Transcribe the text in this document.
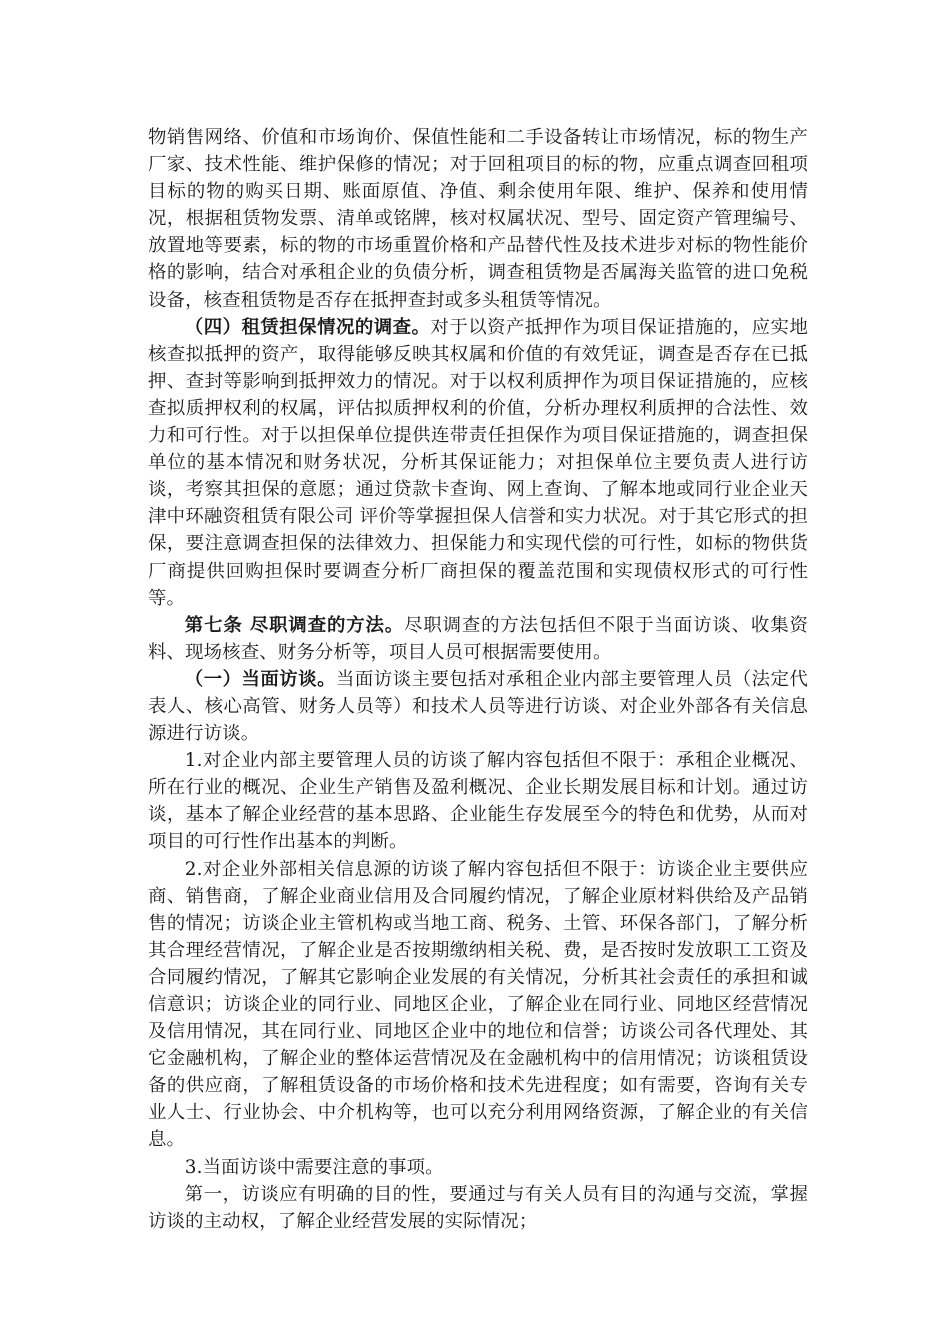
物销售网络、价值和市场询价、保值性能和二手设备转让市场情况，标的物生产厂家、技术性能、维护保修的情况；对于回租项目的标的物，应重点调查回租项目标的物的购买日期、账面原值、净值、剩余使用年限、维护、保养和使用情况，根据租赁物发票、清单或铭牌，核对权属状况、型号、固定资产管理编号、放置地等要素，标的物的市场重置价格和产品替代性及技术进步对标的物性能价格的影响，结合对承租企业的负债分析，调查租赁物是否属海关监管的进口免税设备，核查租赁物是否存在抵押查封或多头租赁等情况。

（四）租赁担保情况的调查。对于以资产抵押作为项目保证措施的，应实地核查拟抵押的资产，取得能够反映其权属和价值的有效凭证，调查是否存在已抵押、查封等影响到抵押效力的情况。对于以权利质押作为项目保证措施的，应核查拟质押权利的权属，评估拟质押权利的价值，分析办理权利质押的合法性、效力和可行性。对于以担保单位提供连带责任担保作为项目保证措施的，调查担保单位的基本情况和财务状况，分析其保证能力；对担保单位主要负责人进行访谈，考察其担保的意愿；通过贷款卡查询、网上查询、了解本地或同行业企业天津中环融资租赁有限公司 评价等掌握担保人信誉和实力状况。对于其它形式的担保，要注意调查担保的法律效力、担保能力和实现代偿的可行性，如标的物供货厂商提供回购担保时要调查分析厂商担保的覆盖范围和实现债权形式的可行性等。

第七条 尽职调查的方法。尽职调查的方法包括但不限于当面访谈、收集资料、现场核查、财务分析等，项目人员可根据需要使用。

（一）当面访谈。当面访谈主要包括对承租企业内部主要管理人员（法定代表人、核心高管、财务人员等）和技术人员等进行访谈、对企业外部各有关信息源进行访谈。

1.对企业内部主要管理人员的访谈了解内容包括但不限于：承租企业概况、所在行业的概况、企业生产销售及盈利概况、企业长期发展目标和计划。通过访谈，基本了解企业经营的基本思路、企业能生存发展至今的特色和优势，从而对项目的可行性作出基本的判断。

2.对企业外部相关信息源的访谈了解内容包括但不限于：访谈企业主要供应商、销售商，了解企业商业信用及合同履约情况，了解企业原材料供给及产品销售的情况；访谈企业主管机构或当地工商、税务、土管、环保各部门，了解分析其合理经营情况，了解企业是否按期缴纳相关税、费，是否按时发放职工工资及合同履约情况，了解其它影响企业发展的有关情况，分析其社会责任的承担和诚信意识；访谈企业的同行业、同地区企业，了解企业在同行业、同地区经营情况及信用情况，其在同行业、同地区企业中的地位和信誉；访谈公司各代理处、其它金融机构，了解企业的整体运营情况及在金融机构中的信用情况；访谈租赁设备的供应商，了解租赁设备的市场价格和技术先进程度；如有需要，咨询有关专业人士、行业协会、中介机构等，也可以充分利用网络资源，了解企业的有关信息。

3.当面访谈中需要注意的事项。

第一，访谈应有明确的目的性，要通过与有关人员有目的沟通与交流，掌握访谈的主动权，了解企业经营发展的实际情况；
